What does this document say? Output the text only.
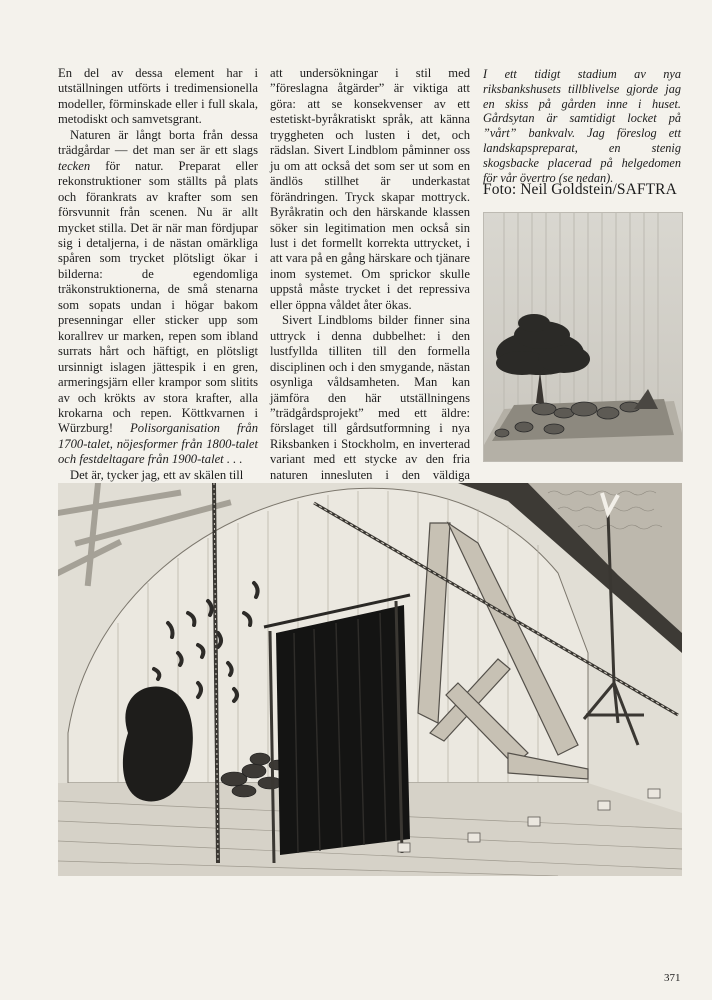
En del av dessa element har i utställningen utförts i tredimensionella modeller, förminskade eller i full skala, metodiskt och samvetsgrant.

Naturen är långt borta från dessa trädgårdar — det man ser är ett slags tecken för natur. Preparat eller rekonstruktioner som ställts på plats och förankrats av krafter som sen försvunnit från scenen. Nu är allt mycket stilla. Det är när man fördjupar sig i detaljerna, i de nästan omärkliga spåren som trycket plötsligt ökar i bilderna: de egendomliga träkonstruktionerna, de små stenarna som sopats undan i högar bakom presenningar eller sticker upp som korallrev ur marken, repen som ibland surrats hårt och häftigt, en plötsligt ursinnigt islagen jättespik i en gren, armeringsjärn eller krampor som slitits av och krökts av stora krafter, alla krokarna och repen. Köttkvarnen i Würzburg! Polisorganisation från 1700-talet, nöjesformer från 1800-talet och festdeltagare från 1900-talet . . .

Det är, tycker jag, ett av skälen till

att undersökningar i stil med ”föreslagna åtgärder” är viktiga att göra: att se konsekvenser av ett estetiskt-byråkratiskt språk, att känna tryggheten och lusten i det, och rädslan. Sivert Lindblom påminner oss ju om att också det som ser ut som en ändlös stillhet är underkastat förändringen. Tryck skapar mottryck. Byråkratin och den härskande klassen söker sin legitimation men också sin lust i det formellt korrekta uttrycket, i att vara på en gång härskare och tjänare inom systemet. Om sprickor skulle uppstå måste trycket i det repressiva eller öppna våldet åter ökas.

Sivert Lindbloms bilder finner sina uttryck i denna dubbelhet: i den lustfyllda tilliten till den formella disciplinen och i den smygande, nästan osynliga våldsamheten. Man kan jämföra den här utställningens ”trädgårdsprojekt” med ett äldre: förslaget till gårdsutformning i nya Riksbanken i Stockholm, en inverterad variant med ett stycke av den fria naturen innesluten i den väldiga

I ett tidigt stadium av nya riksbankshusets tillblivelse gjorde jag en skiss på gården inne i huset. Gårdsytan är samtidigt locket på ”vårt” bankvalv. Jag föreslog ett landskapspreparat, en stenig skogsbacke placerad på helgedomen för vår övertro (se nedan).
Foto: Neil Goldstein/SAFTRA
371
